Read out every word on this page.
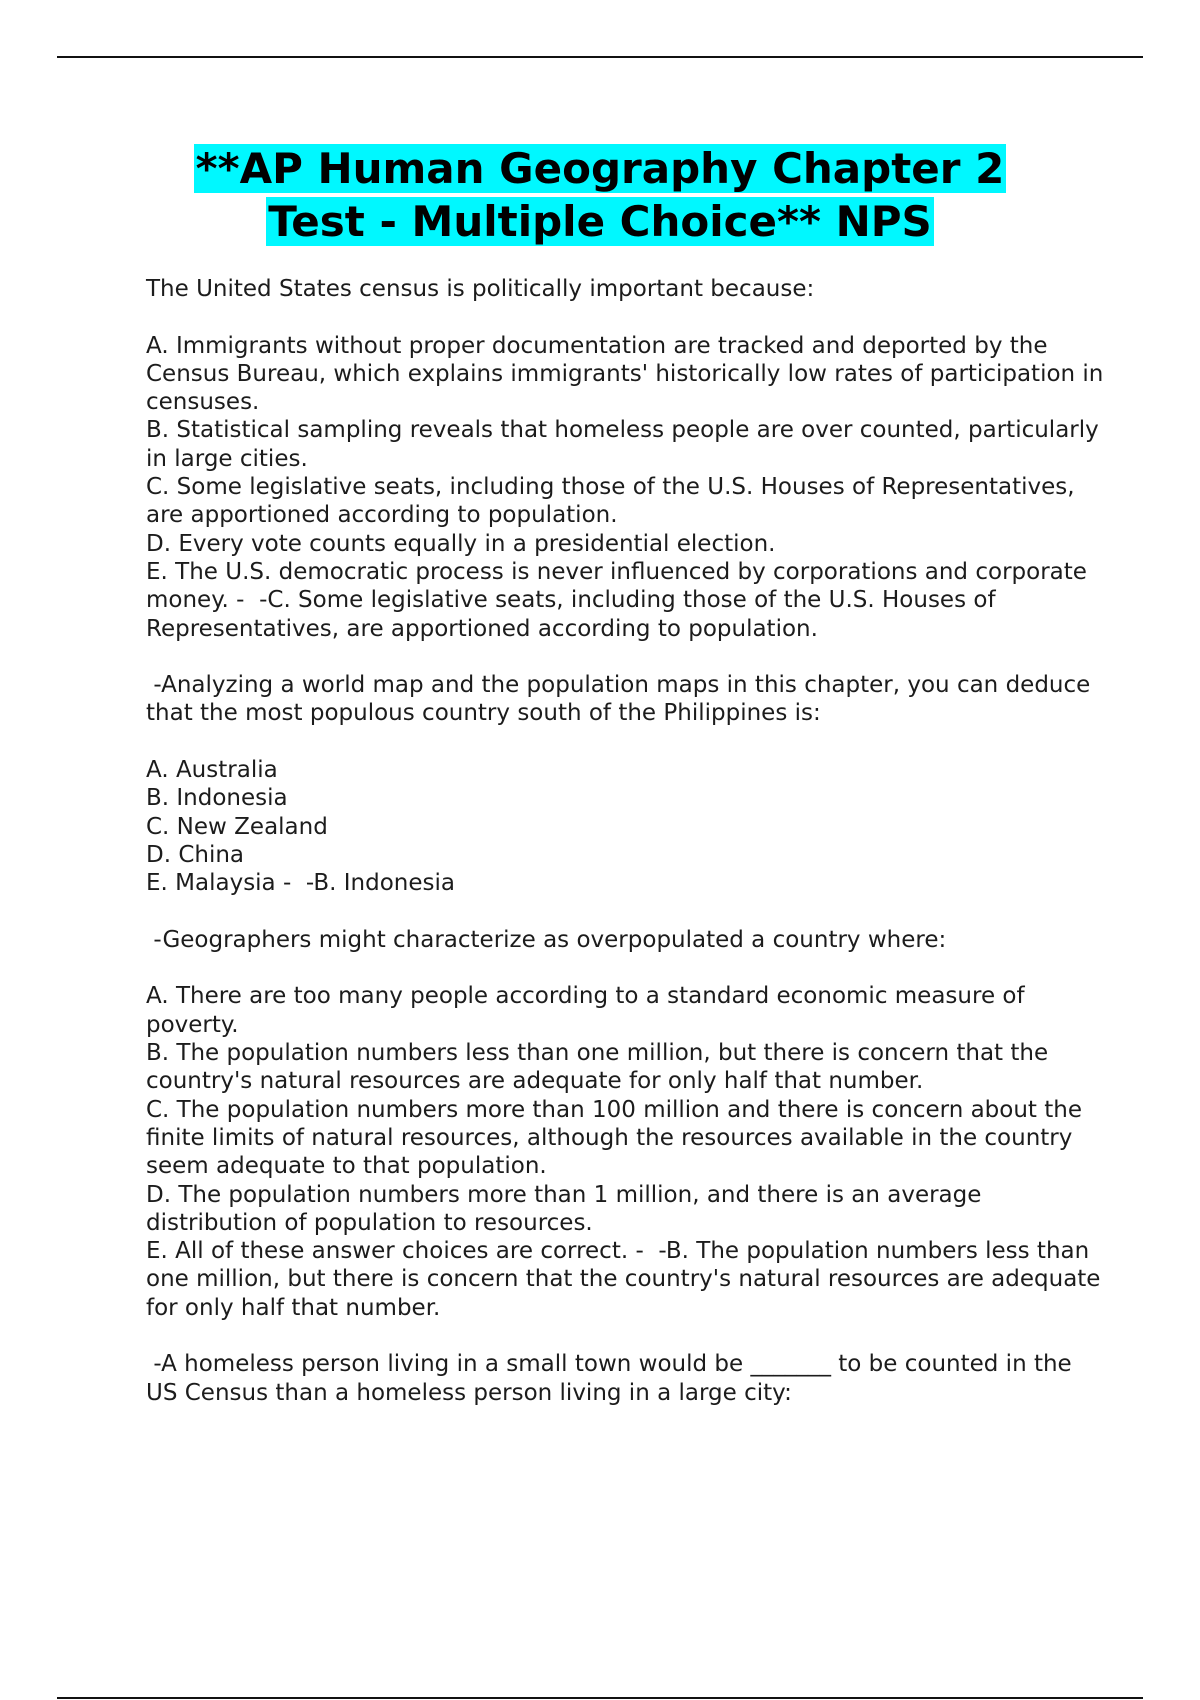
**AP Human Geography Chapter 2
Test - Multiple Choice** NPS

The United States census is politically important because:

A. Immigrants without proper documentation are tracked and deported by the Census Bureau, which explains immigrants' historically low rates of participation in censuses.

B. Statistical sampling reveals that homeless people are over counted, particularly in large cities.

C. Some legislative seats, including those of the U.S. Houses of Representatives, are apportioned according to population.

D. Every vote counts equally in a presidential election.

E. The U.S. democratic process is never influenced by corporations and corporate money. -  -C. Some legislative seats, including those of the U.S. Houses of Representatives, are apportioned according to population.

-Analyzing a world map and the population maps in this chapter, you can deduce that the most populous country south of the Philippines is:

A. Australia

B. Indonesia

C. New Zealand

D. China

E. Malaysia -  -B. Indonesia

-Geographers might characterize as overpopulated a country where:

A. There are too many people according to a standard economic measure of poverty.

B. The population numbers less than one million, but there is concern that the country's natural resources are adequate for only half that number.

C. The population numbers more than 100 million and there is concern about the finite limits of natural resources, although the resources available in the country seem adequate to that population.

D. The population numbers more than 1 million, and there is an average distribution of population to resources.

E. All of these answer choices are correct. -  -B. The population numbers less than one million, but there is concern that the country's natural resources are adequate for only half that number.

-A homeless person living in a small town would be _______ to be counted in the US Census than a homeless person living in a large city:
